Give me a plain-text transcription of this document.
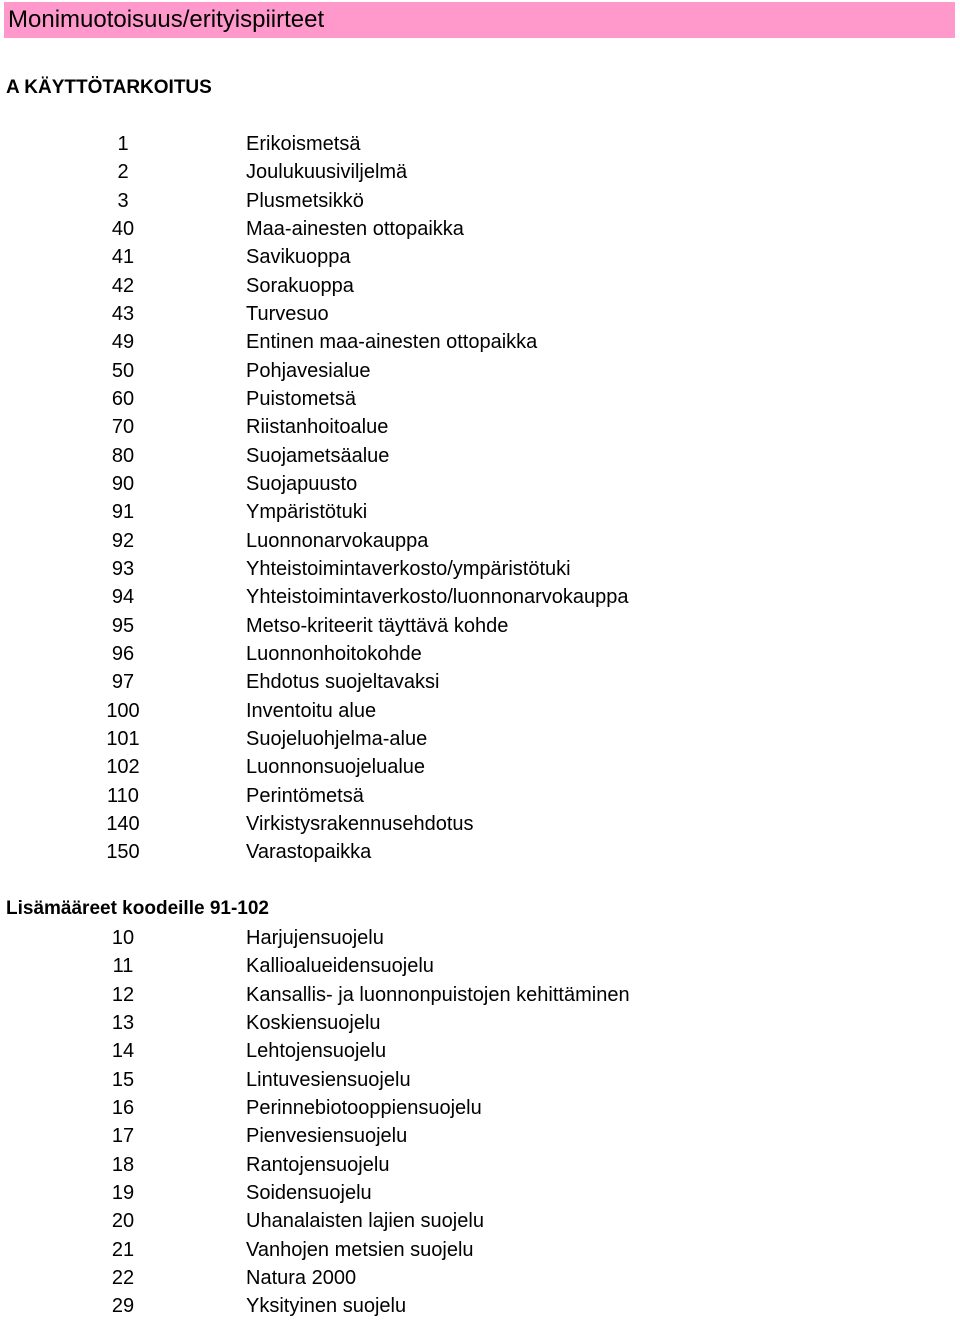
Monimuotoisuus/erityispiirteet
A KÄYTTÖTARKOITUS
1	Erikoismetsä
2	Joulukuusiviljelmä
3	Plusmetsikkö
40	Maa-ainesten ottopaikka
41	Savikuoppa
42	Sorakuoppa
43	Turvesuo
49	Entinen maa-ainesten ottopaikka
50	Pohjavesialue
60	Puistometsä
70	Riistanhoitoalue
80	Suojametsäalue
90	Suojapuusto
91	Ympäristötuki
92	Luonnonarvokauppa
93	Yhteistoimintaverkosto/ympäristötuki
94	Yhteistoimintaverkosto/luonnonarvokauppa
95	Metso-kriteerit täyttävä kohde
96	Luonnonhoitokohde
97	Ehdotus suojeltavaksi
100	Inventoitu alue
101	Suojeluohjelma-alue
102	Luonnonsuojelualue
110	Perintömetsä
140	Virkistysrakennusehdotus
150	Varastopaikka
Lisämääreet koodeille 91-102
10	Harjujensuojelu
11	Kallioalueidensuojelu
12	Kansallis- ja luonnonpuistojen kehittäminen
13	Koskiensuojelu
14	Lehtojensuojelu
15	Lintuvesiensuojelu
16	Perinnebiotooppiensuojelu
17	Pienvesiensuojelu
18	Rantojensuojelu
19	Soidensuojelu
20	Uhanalaisten lajien suojelu
21	Vanhojen metsien suojelu
22	Natura 2000
29	Yksityinen suojelu
